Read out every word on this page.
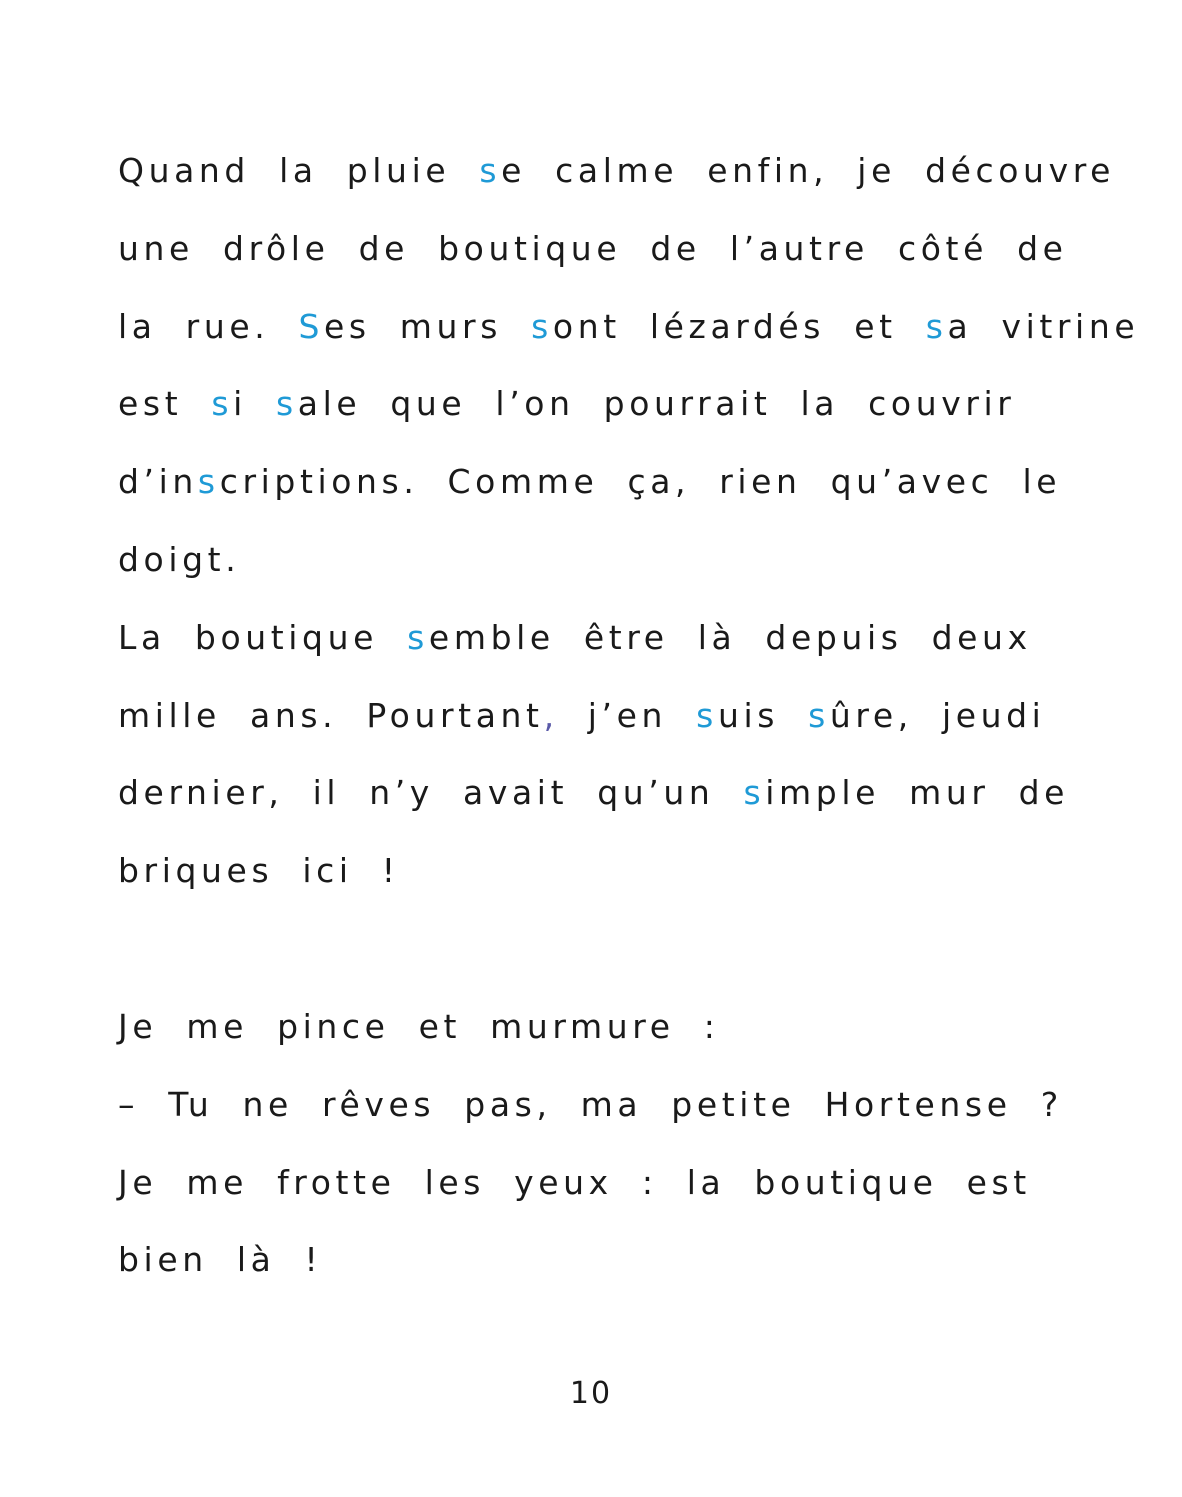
Quand la pluie se calme enfin, je découvre
une drôle de boutique de l’autre côté de
la rue. Ses murs sont lézardés et sa vitrine
est si sale que l’on pourrait la couvrir
d’inscriptions. Comme ça, rien qu’avec le
doigt.
La boutique semble être là depuis deux
mille ans. Pourtant, j’en suis sûre, jeudi
dernier, il n’y avait qu’un simple mur de
briques ici !
Je me pince et murmure :
– Tu ne rêves pas, ma petite Hortense ?
Je me frotte les yeux : la boutique est
bien là !
10
